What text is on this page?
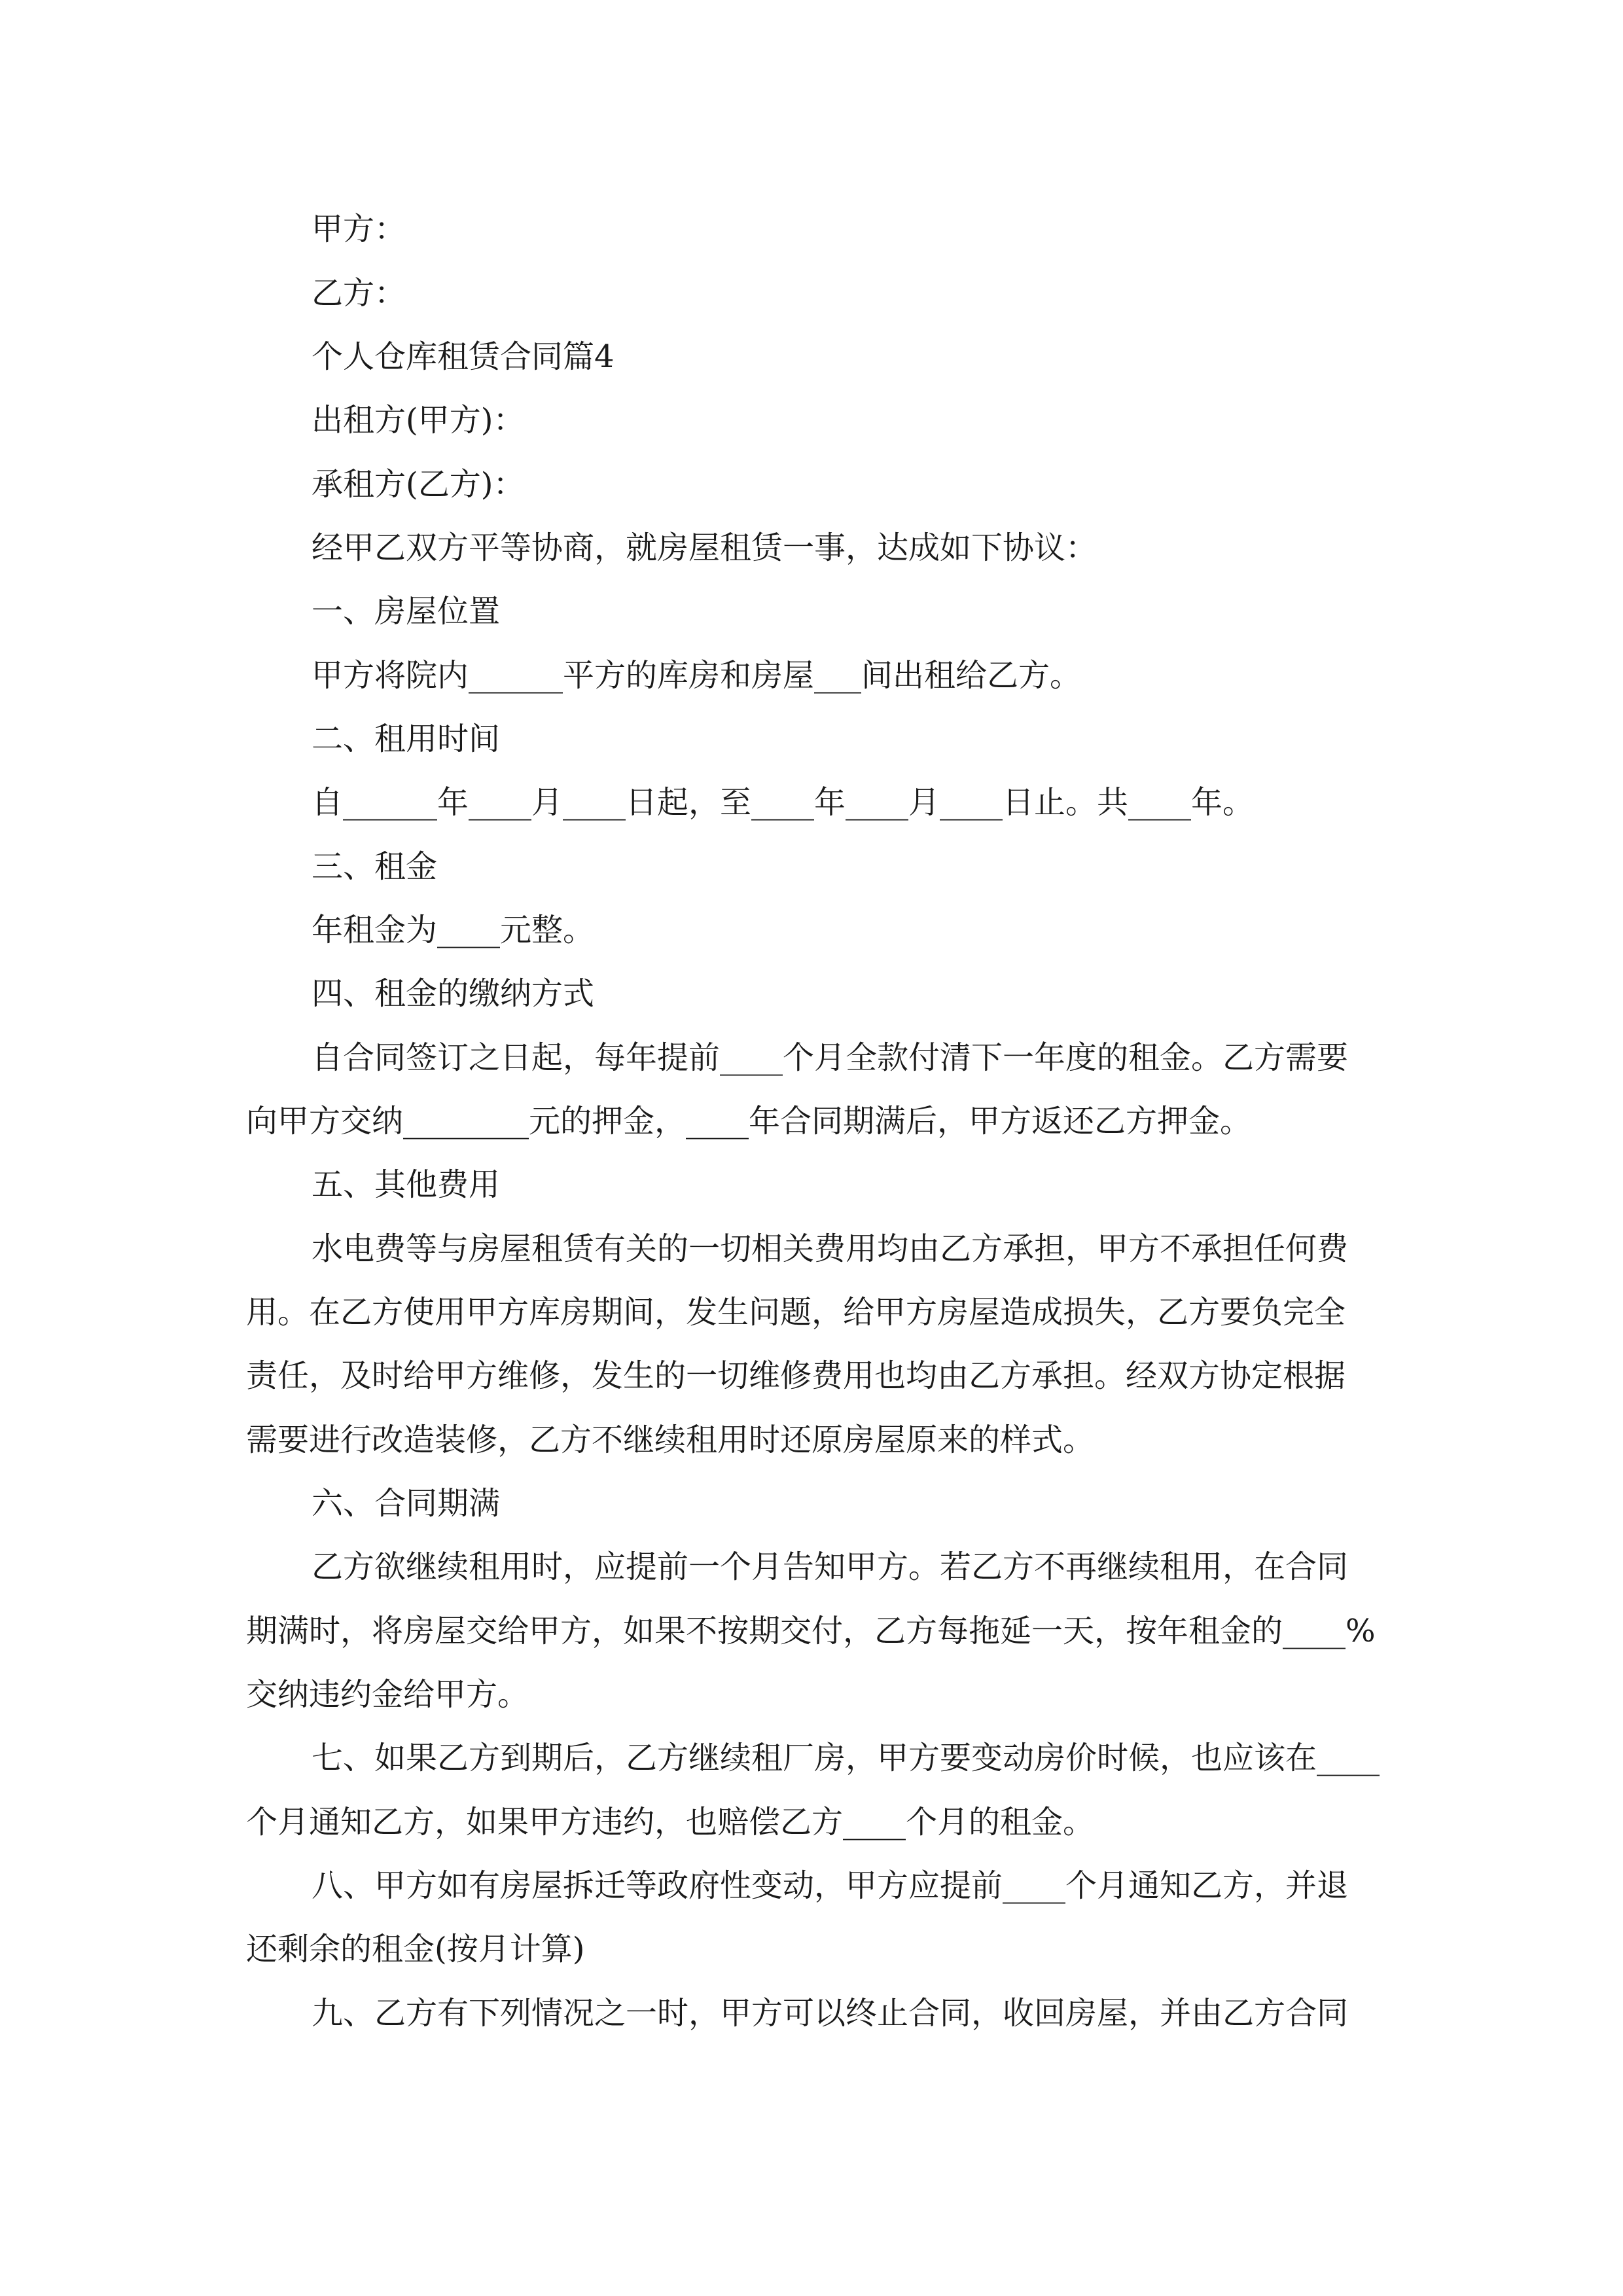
甲方：
乙方：
个人仓库租赁合同篇4
出租方(甲方)：
承租方(乙方)：
经甲乙双方平等协商，就房屋租赁一事，达成如下协议：
一、房屋位置
甲方将院内______平方的库房和房屋___间出租给乙方。
二、租用时间
自______年____月____日起，至____年____月____日止。共____年。
三、租金
年租金为____元整。
四、租金的缴纳方式
自合同签订之日起，每年提前____个月全款付清下一年度的租金。乙方需要
向甲方交纳________元的押金，____年合同期满后，甲方返还乙方押金。
五、其他费用
水电费等与房屋租赁有关的一切相关费用均由乙方承担，甲方不承担任何费
用。在乙方使用甲方库房期间，发生问题，给甲方房屋造成损失，乙方要负完全
责任，及时给甲方维修，发生的一切维修费用也均由乙方承担。经双方协定根据
需要进行改造装修，乙方不继续租用时还原房屋原来的样式。
六、合同期满
乙方欲继续租用时，应提前一个月告知甲方。若乙方不再继续租用，在合同
期满时，将房屋交给甲方，如果不按期交付，乙方每拖延一天，按年租金的____%
交纳违约金给甲方。
七、如果乙方到期后，乙方继续租厂房，甲方要变动房价时候，也应该在____
个月通知乙方，如果甲方违约，也赔偿乙方____个月的租金。
八、甲方如有房屋拆迁等政府性变动，甲方应提前____个月通知乙方，并退
还剩余的租金(按月计算)
九、乙方有下列情况之一时，甲方可以终止合同，收回房屋，并由乙方合同
